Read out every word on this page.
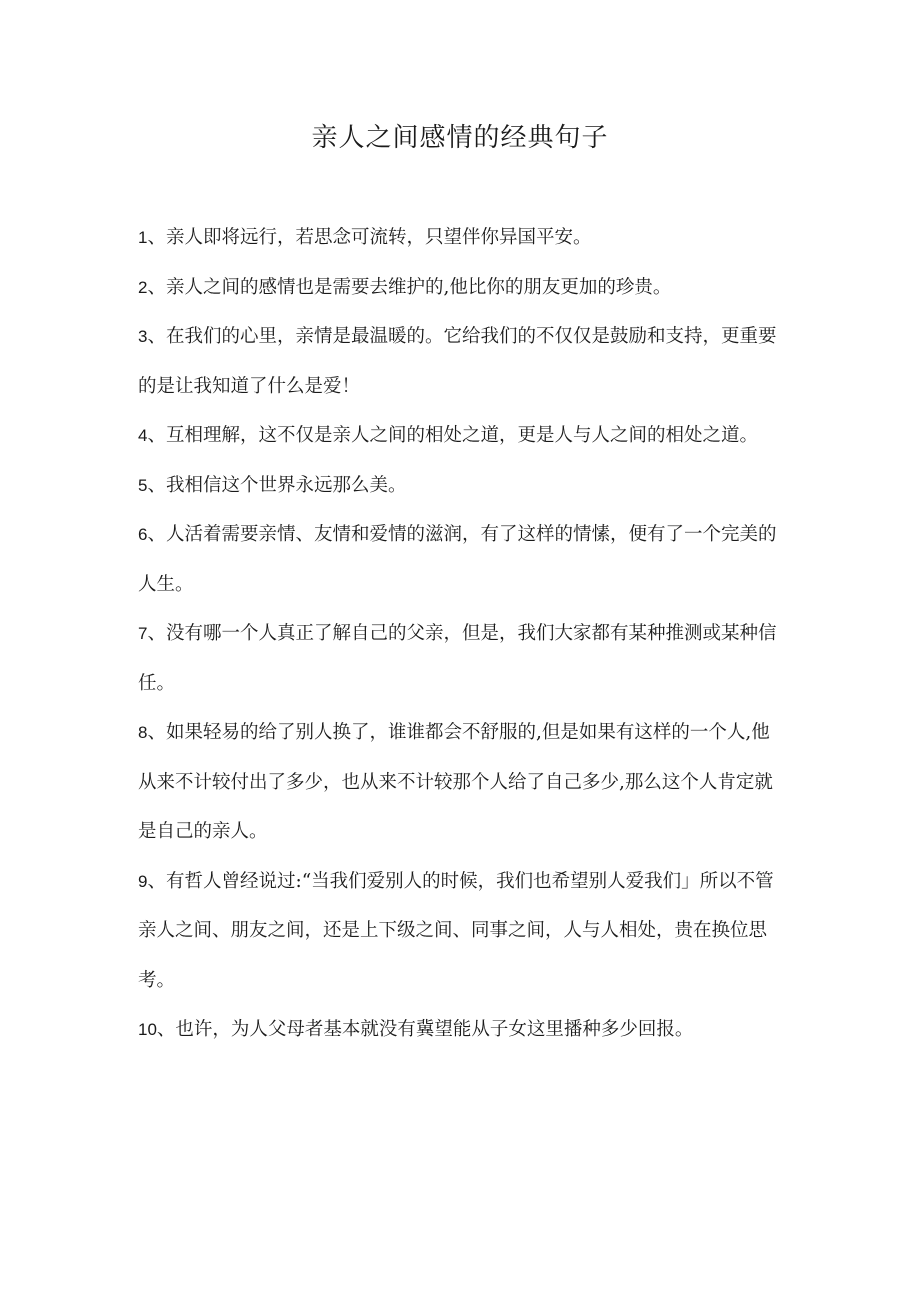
亲人之间感情的经典句子

1、亲人即将远行，若思念可流转，只望伴你异国平安。

2、亲人之间的感情也是需要去维护的,他比你的朋友更加的珍贵。

3、在我们的心里，亲情是最温暖的。它给我们的不仅仅是鼓励和支持，更重要的是让我知道了什么是爱！

4、互相理解，这不仅是亲人之间的相处之道，更是人与人之间的相处之道。

5、我相信这个世界永远那么美。

6、人活着需要亲情、友情和爱情的滋润，有了这样的情愫，便有了一个完美的人生。

7、没有哪一个人真正了解自己的父亲，但是，我们大家都有某种推测或某种信任。

8、如果轻易的给了别人换了，谁谁都会不舒服的,但是如果有这样的一个人,他从来不计较付出了多少，也从来不计较那个人给了自己多少,那么这个人肯定就是自己的亲人。

9、有哲人曾经说过:“当我们爱别人的时候，我们也希望别人爱我们」所以不管亲人之间、朋友之间，还是上下级之间、同事之间，人与人相处，贵在换位思考。

10、也许，为人父母者基本就没有冀望能从子女这里播种多少回报。
